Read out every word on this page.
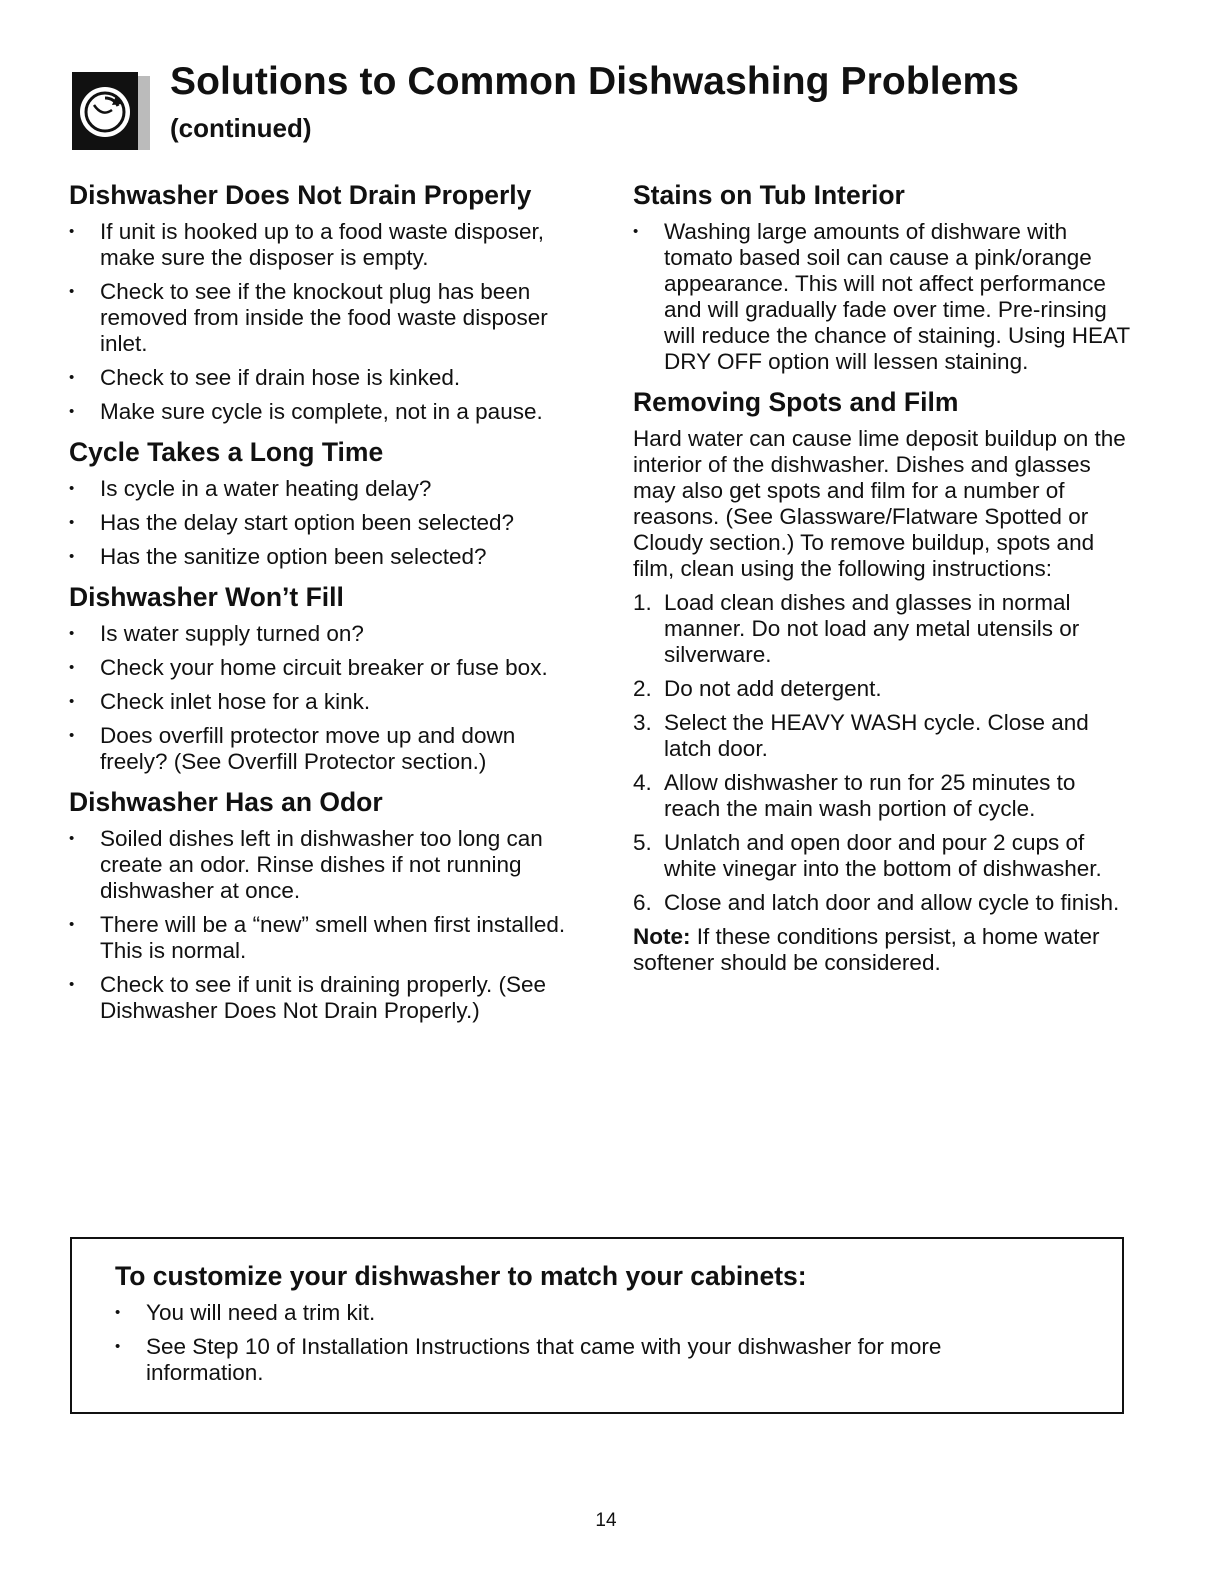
Solutions to Common Dishwashing Problems
(continued)
Dishwasher Does Not Drain Properly
• If unit is hooked up to a food waste disposer, make sure the disposer is empty.
• Check to see if the knockout plug has been removed from inside the food waste disposer inlet.
• Check to see if drain hose is kinked.
• Make sure cycle is complete, not in a pause.
Cycle Takes a Long Time
• Is cycle in a water heating delay?
• Has the delay start option been selected?
• Has the sanitize option been selected?
Dishwasher Won’t Fill
• Is water supply turned on?
• Check your home circuit breaker or fuse box.
• Check inlet hose for a kink.
• Does overfill protector move up and down freely? (See Overfill Protector section.)
Dishwasher Has an Odor
• Soiled dishes left in dishwasher too long can create an odor. Rinse dishes if not running dishwasher at once.
• There will be a “new” smell when first installed. This is normal.
• Check to see if unit is draining properly. (See Dishwasher Does Not Drain Properly.)
Stains on Tub Interior
• Washing large amounts of dishware with tomato based soil can cause a pink/orange appearance. This will not affect performance and will gradually fade over time. Pre-rinsing will reduce the chance of staining. Using HEAT DRY OFF option will lessen staining.
Removing Spots and Film

Hard water can cause lime deposit buildup on the interior of the dishwasher. Dishes and glasses may also get spots and film for a number of reasons. (See Glassware/Flatware Spotted or Cloudy section.) To remove buildup, spots and film, clean using the following instructions:

1. Load clean dishes and glasses in normal manner. Do not load any metal utensils or silverware.
2. Do not add detergent.
3. Select the HEAVY WASH cycle. Close and latch door.
4. Allow dishwasher to run for 25 minutes to reach the main wash portion of cycle.
5. Unlatch and open door and pour 2 cups of white vinegar into the bottom of dishwasher.
6. Close and latch door and allow cycle to finish.

Note: If these conditions persist, a home water softener should be considered.

To customize your dishwasher to match your cabinets:
• You will need a trim kit.
• See Step 10 of Installation Instructions that came with your dishwasher for more information.
14
